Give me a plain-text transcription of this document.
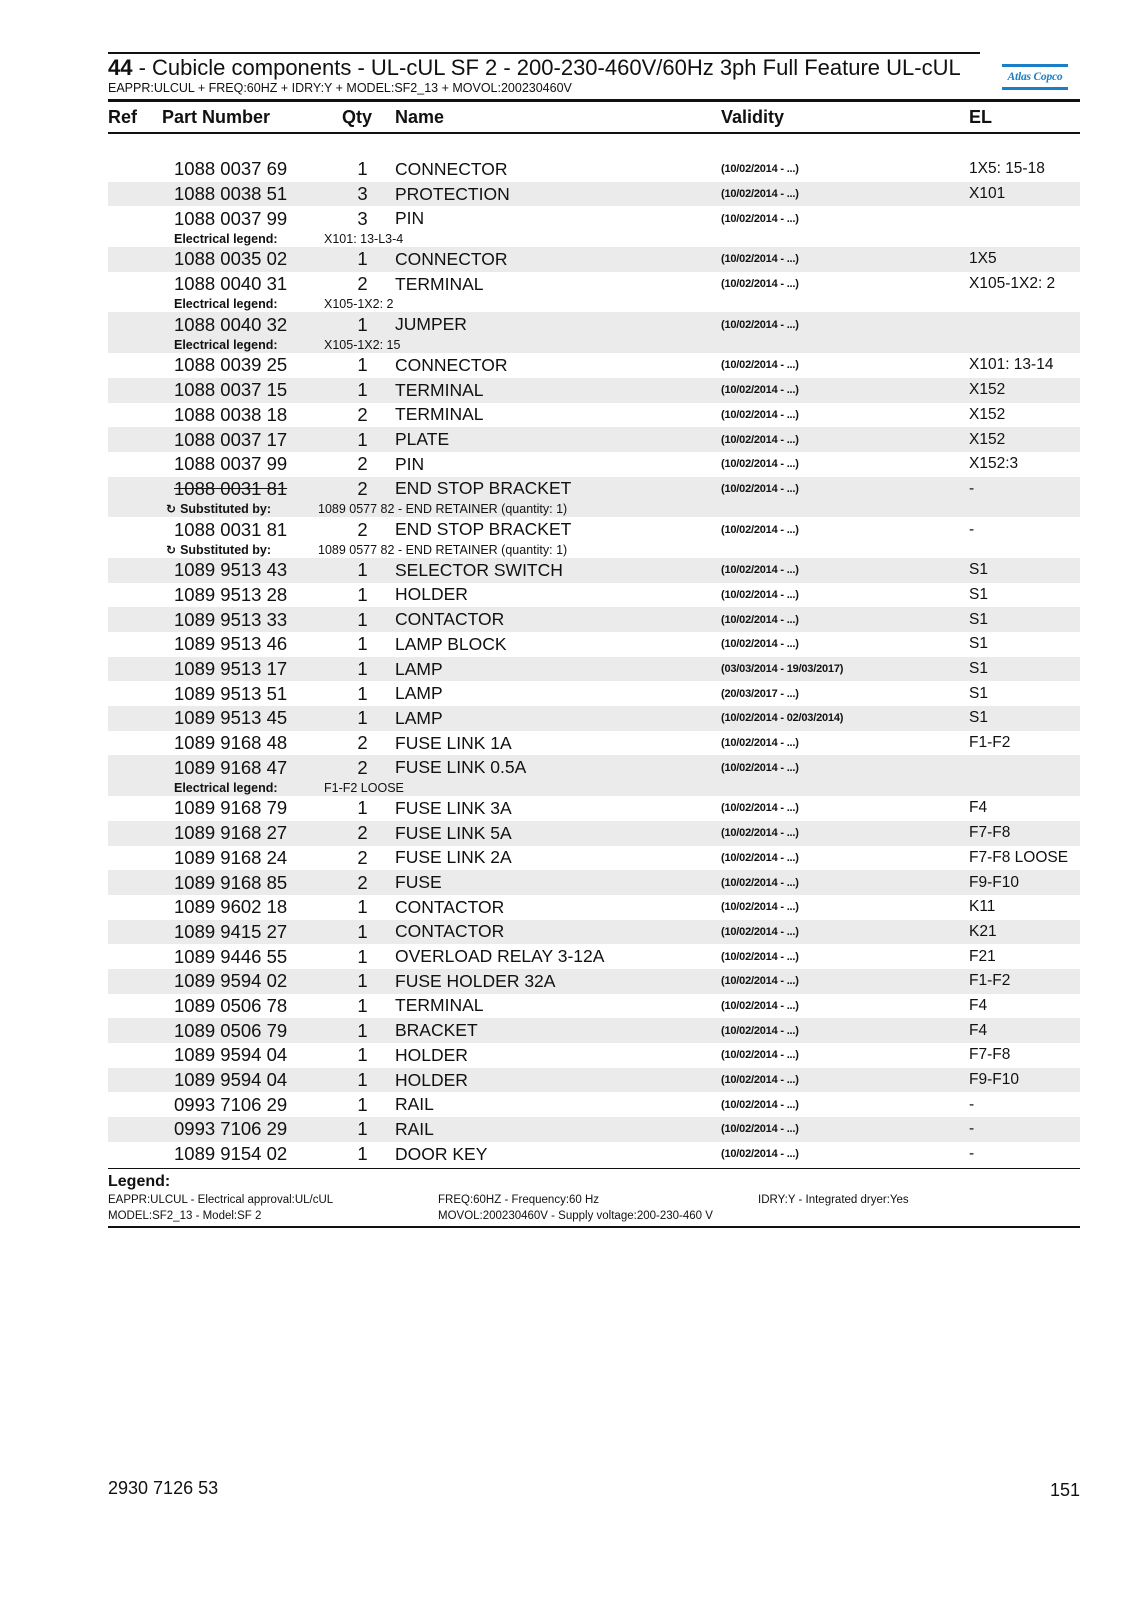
44 - Cubicle components - UL-cUL SF 2 - 200-230-460V/60Hz 3ph Full Feature UL-cUL
EAPPR:ULCUL + FREQ:60HZ + IDRY:Y + MODEL:SF2_13 + MOVOL:200230460V
Atlas Copco
Ref	Part Number	Qty	Name	Validity	EL
1088 0037 69	1	CONNECTOR	(10/02/2014 - ...)	1X5: 15-18
1088 0038 51	3	PROTECTION	(10/02/2014 - ...)	X101
1088 0037 99	3	PIN	(10/02/2014 - ...)
Electrical legend:	X101: 13-L3-4
1088 0035 02	1	CONNECTOR	(10/02/2014 - ...)	1X5
1088 0040 31	2	TERMINAL	(10/02/2014 - ...)	X105-1X2: 2
Electrical legend:	X105-1X2: 2
1088 0040 32	1	JUMPER	(10/02/2014 - ...)
Electrical legend:	X105-1X2: 15
1088 0039 25	1	CONNECTOR	(10/02/2014 - ...)	X101: 13-14
1088 0037 15	1	TERMINAL	(10/02/2014 - ...)	X152
1088 0038 18	2	TERMINAL	(10/02/2014 - ...)	X152
1088 0037 17	1	PLATE	(10/02/2014 - ...)	X152
1088 0037 99	2	PIN	(10/02/2014 - ...)	X152:3
1088 0031 81	2	END STOP BRACKET	(10/02/2014 - ...)	-
↻ Substituted by:	1089 0577 82 - END RETAINER (quantity: 1)
1088 0031 81	2	END STOP BRACKET	(10/02/2014 - ...)	-
↻ Substituted by:	1089 0577 82 - END RETAINER (quantity: 1)
1089 9513 43	1	SELECTOR SWITCH	(10/02/2014 - ...)	S1
1089 9513 28	1	HOLDER	(10/02/2014 - ...)	S1
1089 9513 33	1	CONTACTOR	(10/02/2014 - ...)	S1
1089 9513 46	1	LAMP BLOCK	(10/02/2014 - ...)	S1
1089 9513 17	1	LAMP	(03/03/2014 - 19/03/2017)	S1
1089 9513 51	1	LAMP	(20/03/2017 - ...)	S1
1089 9513 45	1	LAMP	(10/02/2014 - 02/03/2014)	S1
1089 9168 48	2	FUSE LINK 1A	(10/02/2014 - ...)	F1-F2
1089 9168 47	2	FUSE LINK 0.5A	(10/02/2014 - ...)
Electrical legend:	F1-F2 LOOSE
1089 9168 79	1	FUSE LINK 3A	(10/02/2014 - ...)	F4
1089 9168 27	2	FUSE LINK 5A	(10/02/2014 - ...)	F7-F8
1089 9168 24	2	FUSE LINK 2A	(10/02/2014 - ...)	F7-F8 LOOSE
1089 9168 85	2	FUSE	(10/02/2014 - ...)	F9-F10
1089 9602 18	1	CONTACTOR	(10/02/2014 - ...)	K11
1089 9415 27	1	CONTACTOR	(10/02/2014 - ...)	K21
1089 9446 55	1	OVERLOAD RELAY 3-12A	(10/02/2014 - ...)	F21
1089 9594 02	1	FUSE HOLDER 32A	(10/02/2014 - ...)	F1-F2
1089 0506 78	1	TERMINAL	(10/02/2014 - ...)	F4
1089 0506 79	1	BRACKET	(10/02/2014 - ...)	F4
1089 9594 04	1	HOLDER	(10/02/2014 - ...)	F7-F8
1089 9594 04	1	HOLDER	(10/02/2014 - ...)	F9-F10
0993 7106 29	1	RAIL	(10/02/2014 - ...)	-
0993 7106 29	1	RAIL	(10/02/2014 - ...)	-
1089 9154 02	1	DOOR KEY	(10/02/2014 - ...)	-
Legend:
EAPPR:ULCUL - Electrical approval:UL/cUL	FREQ:60HZ - Frequency:60 Hz	IDRY:Y - Integrated dryer:Yes
MODEL:SF2_13 - Model:SF 2	MOVOL:200230460V - Supply voltage:200-230-460 V
2930 7126 53	151
